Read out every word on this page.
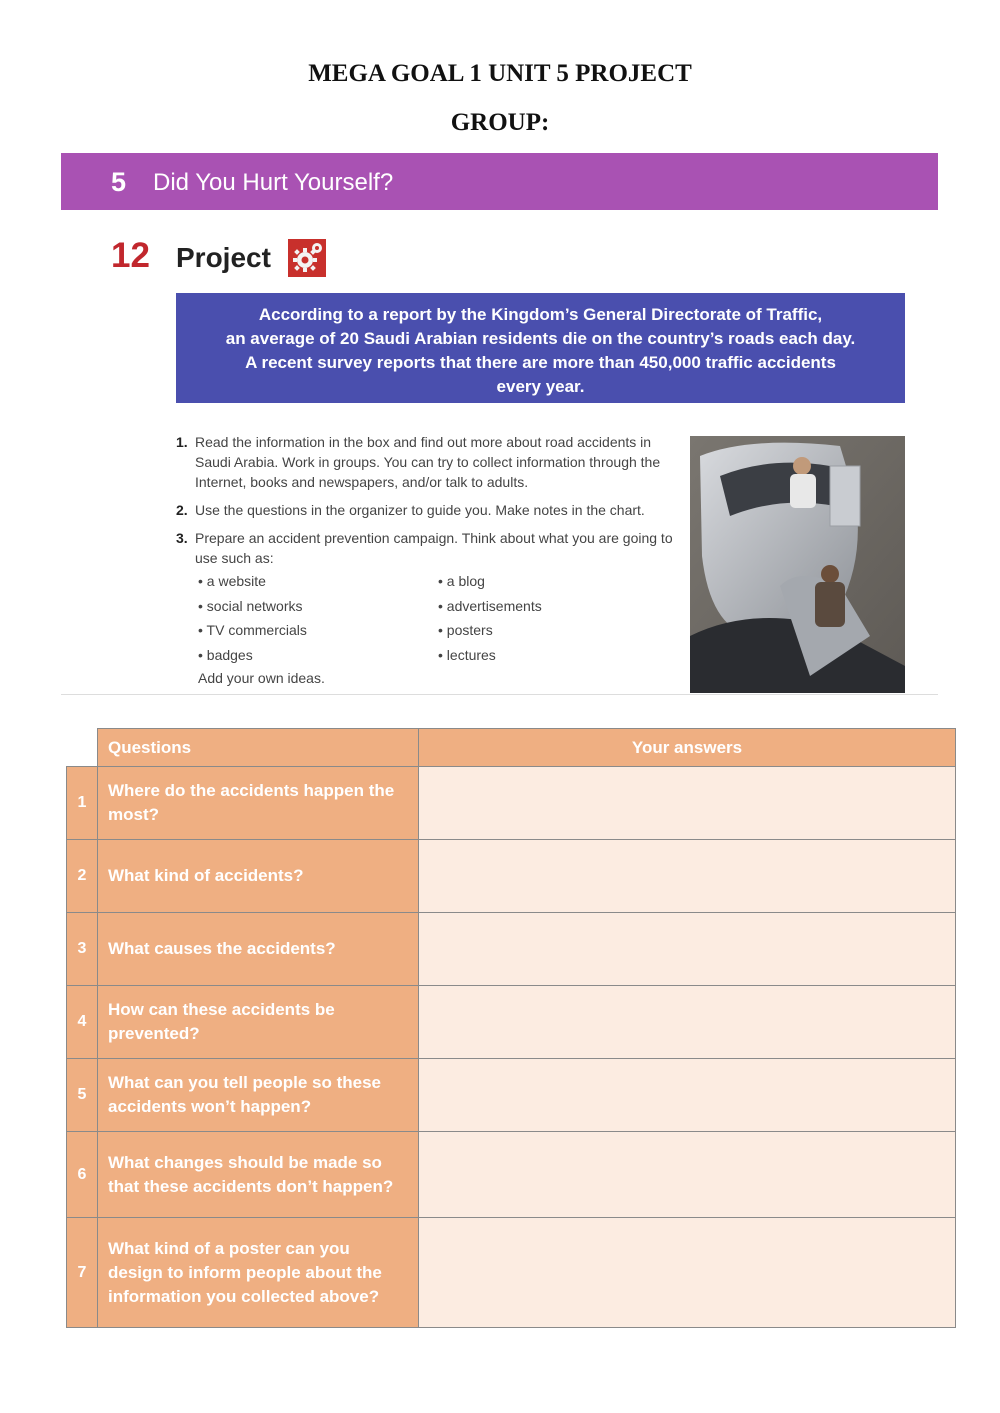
MEGA GOAL 1 UNIT 5 PROJECT
GROUP:
5 Did You Hurt Yourself?
12 Project
According to a report by the Kingdom’s General Directorate of Traffic,
an average of 20 Saudi Arabian residents die on the country’s roads each day.
A recent survey reports that there are more than 450,000 traffic accidents
every year.
1. Read the information in the box and find out more about road accidents in Saudi Arabia. Work in groups. You can try to collect information through the Internet, books and newspapers, and/or talk to adults.
2. Use the questions in the organizer to guide you. Make notes in the chart.
3. Prepare an accident prevention campaign. Think about what you are going to use such as:
• a website
• social networks
• TV commercials
• badges
• a blog
• advertisements
• posters
• lectures
Add your own ideas.
	Questions	Your answers
1	Where do the accidents happen the most?	
2	What kind of accidents?	
3	What causes the accidents?	
4	How can these accidents be prevented?	
5	What can you tell people so these accidents won’t happen?	
6	What changes should be made so that these accidents don’t happen?	
7	What kind of a poster can you design to inform people about the information you collected above?	
